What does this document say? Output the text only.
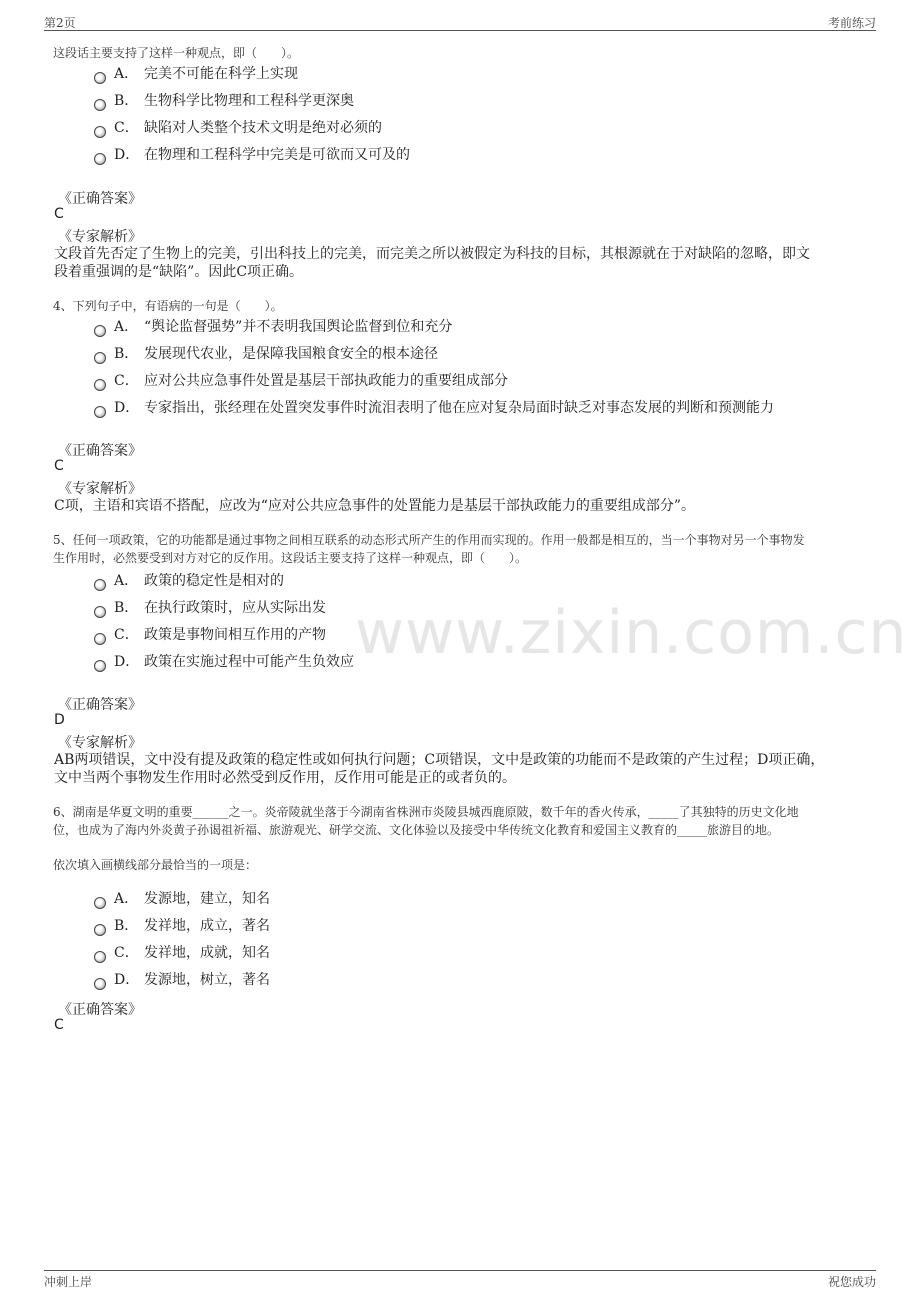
第2页	考前练习
www.zixin.com.cn
这段话主要支持了这样一种观点，即（　　）。
A． 完美不可能在科学上实现
B． 生物科学比物理和工程科学更深奥
C． 缺陷对人类整个技术文明是绝对必须的
D． 在物理和工程科学中完美是可欲而又可及的
《正确答案》
C
《专家解析》
文段首先否定了生物上的完美，引出科技上的完美，而完美之所以被假定为科技的目标，其根源就在于对缺陷的忽略，即文
段着重强调的是“缺陷”。因此C项正确。
4、下列句子中，有语病的一句是（　　）。
A． “舆论监督强势”并不表明我国舆论监督到位和充分
B． 发展现代农业，是保障我国粮食安全的根本途径
C． 应对公共应急事件处置是基层干部执政能力的重要组成部分
D． 专家指出，张经理在处置突发事件时流泪表明了他在应对复杂局面时缺乏对事态发展的判断和预测能力
《正确答案》
C
《专家解析》
C项，主语和宾语不搭配，应改为“应对公共应急事件的处置能力是基层干部执政能力的重要组成部分”。
5、任何一项政策，它的功能都是通过事物之间相互联系的动态形式所产生的作用而实现的。作用一般都是相互的，当一个事物对另一个事物发
生作用时，必然要受到对方对它的反作用。这段话主要支持了这样一种观点，即（　　）。
A． 政策的稳定性是相对的
B． 在执行政策时，应从实际出发
C． 政策是事物间相互作用的产物
D． 政策在实施过程中可能产生负效应
《正确答案》
D
《专家解析》
AB两项错误，文中没有提及政策的稳定性或如何执行问题；C项错误，文中是政策的功能而不是政策的产生过程；D项正确，
文中当两个事物发生作用时必然受到反作用，反作用可能是正的或者负的。
6、湖南是华夏文明的重要______之一。炎帝陵就坐落于今湖南省株洲市炎陵县城西鹿原陂，数千年的香火传承，_____了其独特的历史文化地
位，也成为了海内外炎黄子孙谒祖祈福、旅游观光、研学交流、文化体验以及接受中华传统文化教育和爱国主义教育的_____旅游目的地。
依次填入画横线部分最恰当的一项是：
A． 发源地，建立，知名
B． 发祥地，成立，著名
C． 发祥地，成就，知名
D． 发源地，树立，著名
《正确答案》
C
冲刺上岸	祝您成功
